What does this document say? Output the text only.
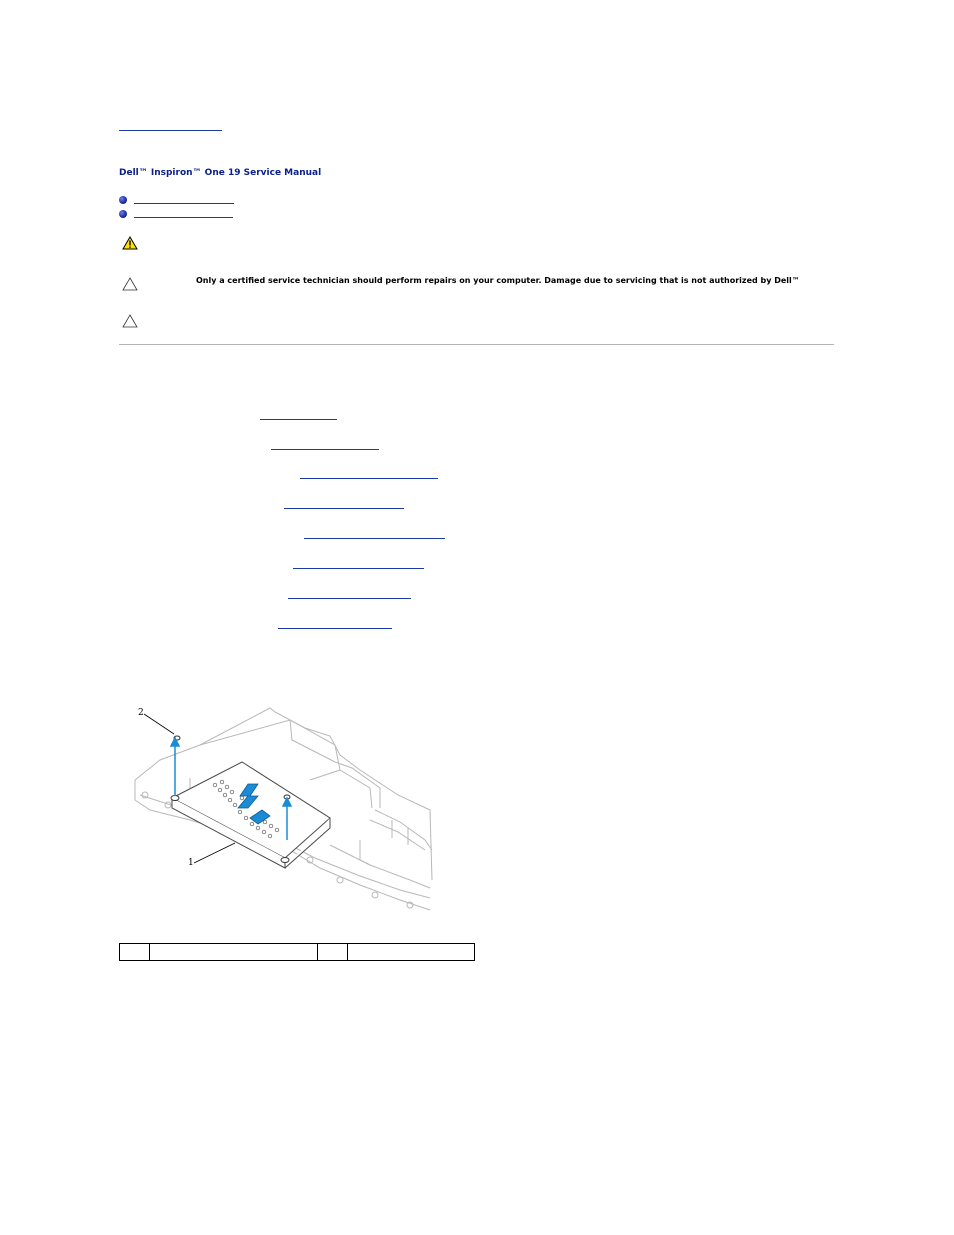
Dell™ Inspiron™ One 19 Service Manual
Only a certified service technician should perform repairs on your computer. Damage due to servicing that is not authorized by Dell™
2
1
